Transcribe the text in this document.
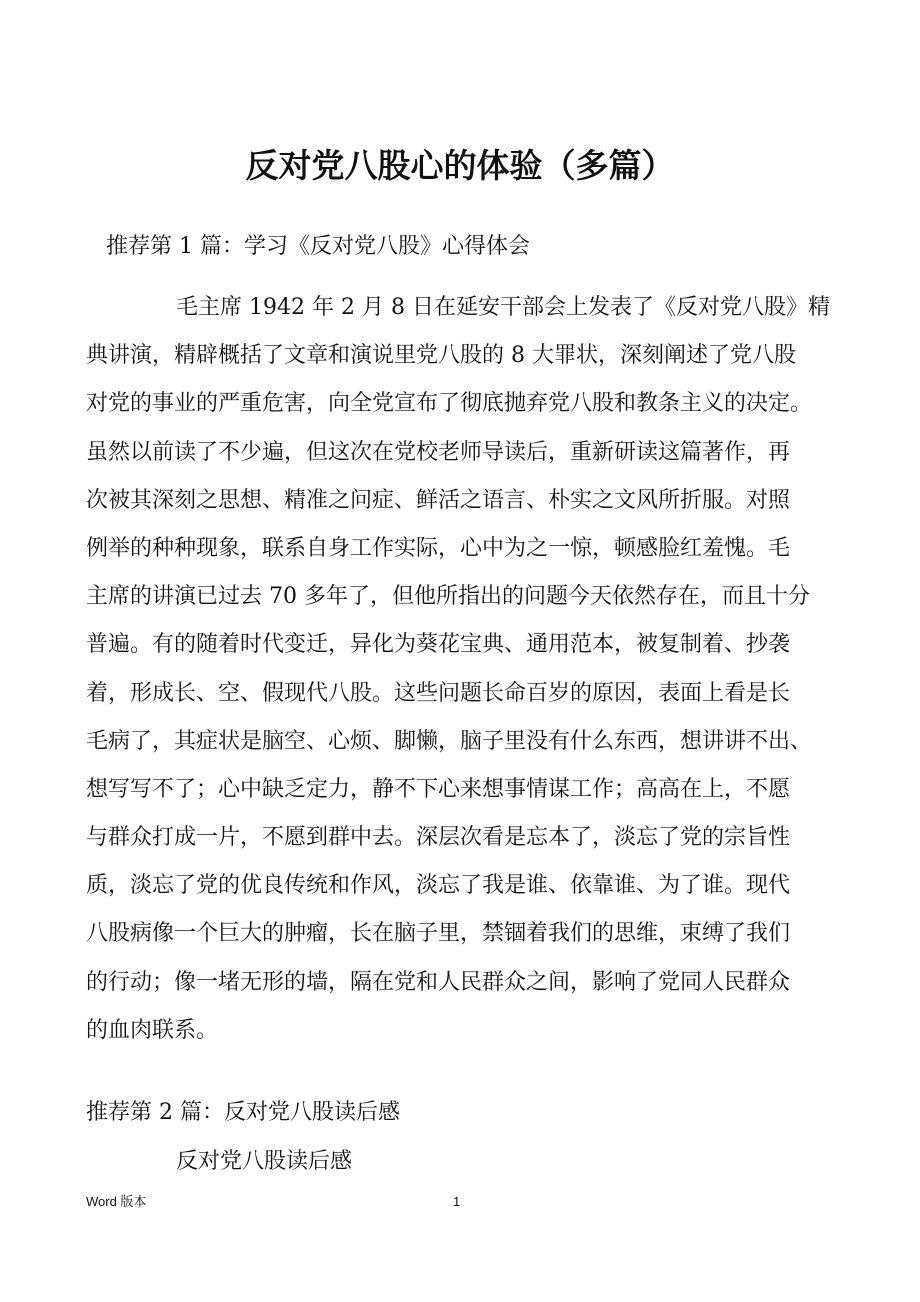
反对党八股心的体验（多篇）
推荐第 1 篇：学习《反对党八股》心得体会
毛主席 1942 年 2 月 8 日在延安干部会上发表了《反对党八股》精
典讲演，精辟概括了文章和演说里党八股的 8 大罪状，深刻阐述了党八股
对党的事业的严重危害，向全党宣布了彻底抛弃党八股和教条主义的决定。
虽然以前读了不少遍，但这次在党校老师导读后，重新研读这篇著作，再
次被其深刻之思想、精准之问症、鲜活之语言、朴实之文风所折服。对照
例举的种种现象，联系自身工作实际，心中为之一惊，顿感脸红羞愧。毛
主席的讲演已过去 70 多年了，但他所指出的问题今天依然存在，而且十分
普遍。有的随着时代变迁，异化为葵花宝典、通用范本，被复制着、抄袭
着，形成长、空、假现代八股。这些问题长命百岁的原因，表面上看是长
毛病了，其症状是脑空、心烦、脚懒，脑子里没有什么东西，想讲讲不出、
想写写不了；心中缺乏定力，静不下心来想事情谋工作；高高在上，不愿
与群众打成一片，不愿到群中去。深层次看是忘本了，淡忘了党的宗旨性
质，淡忘了党的优良传统和作风，淡忘了我是谁、依靠谁、为了谁。现代
八股病像一个巨大的肿瘤，长在脑子里，禁锢着我们的思维，束缚了我们
的行动；像一堵无形的墙，隔在党和人民群众之间，影响了党同人民群众
的血肉联系。
推荐第 2 篇：反对党八股读后感
反对党八股读后感
Word 版本	1
